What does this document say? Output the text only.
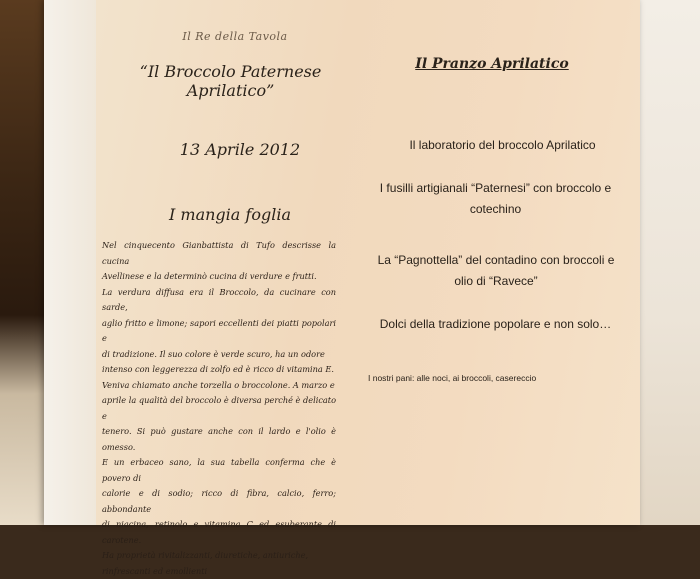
Il Re della Tavola
“Il Broccolo Paternese Aprilatico”
13 Aprile 2012
I mangia foglia
Nel cinquecento Gianbattista di Tufo descrisse la cucina
Avellinese e la determinò cucina di verdure e frutti.
La verdura diffusa era il Broccolo, da cucinare con sarde,
aglio fritto e limone; sapori eccellenti dei piatti popolari e
di tradizione. Il suo colore è verde scuro, ha un odore
intenso con leggerezza di zolfo ed è ricco di vitamina E.
Veniva chiamato anche torzella o broccolone. A marzo e
aprile la qualità del broccolo è diversa perché è delicato e
tenero. Si può gustare anche con il lardo e l'olio è omesso.
E un erbaceo sano, la sua tabella conferma che è povero di
calorie e di sodio; ricco di fibra, calcio, ferro; abbondante
di niacina, retinolo e vitamina C ed esuberante di carotene.
Ha proprietà rivitalizzanti, diuretiche, antiuriche,
rinfrescanti ed emollienti
Il Pranzo Aprilatico
Il laboratorio del broccolo Aprilatico
I fusilli artigianali “Paternesi” con broccolo e
cotechino
La “Pagnottella” del contadino con broccoli e
olio di “Ravece”
Dolci della tradizione popolare e non solo…
I nostri pani: alle noci, ai broccoli, casereccio
